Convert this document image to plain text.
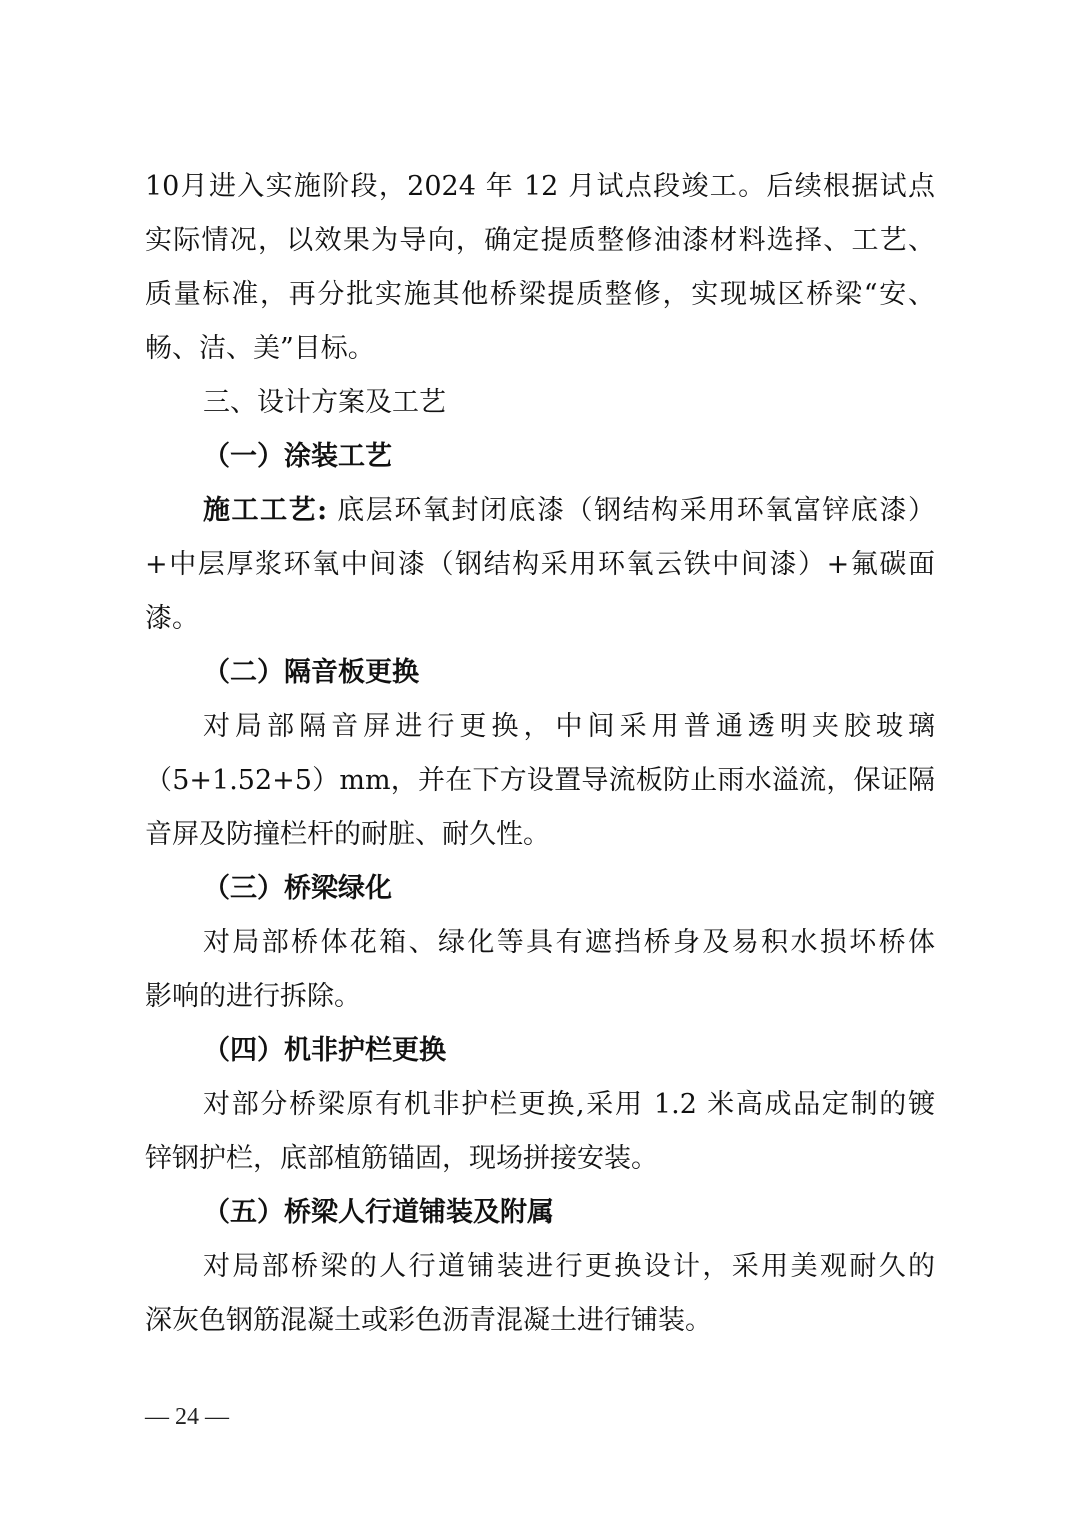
10月进入实施阶段，2024 年 12 月试点段竣工。后续根据试点
实际情况，以效果为导向，确定提质整修油漆材料选择、工艺、
质量标准，再分批实施其他桥梁提质整修，实现城区桥梁“安、
畅、洁、美”目标。
三、设计方案及工艺
（一）涂装工艺
施工工艺: 底层环氧封闭底漆（钢结构采用环氧富锌底漆）
+中层厚浆环氧中间漆（钢结构采用环氧云铁中间漆）+氟碳面
漆。
（二）隔音板更换
对局部隔音屏进行更换，中间采用普通透明夹胶玻璃
（5+1.52+5）mm，并在下方设置导流板防止雨水溢流，保证隔
音屏及防撞栏杆的耐脏、耐久性。
（三）桥梁绿化
对局部桥体花箱、绿化等具有遮挡桥身及易积水损坏桥体
影响的进行拆除。
（四）机非护栏更换
对部分桥梁原有机非护栏更换,采用 1.2 米高成品定制的镀
锌钢护栏，底部植筋锚固，现场拼接安装。
（五）桥梁人行道铺装及附属
对局部桥梁的人行道铺装进行更换设计，采用美观耐久的
深灰色钢筋混凝土或彩色沥青混凝土进行铺装。
— 24 —
